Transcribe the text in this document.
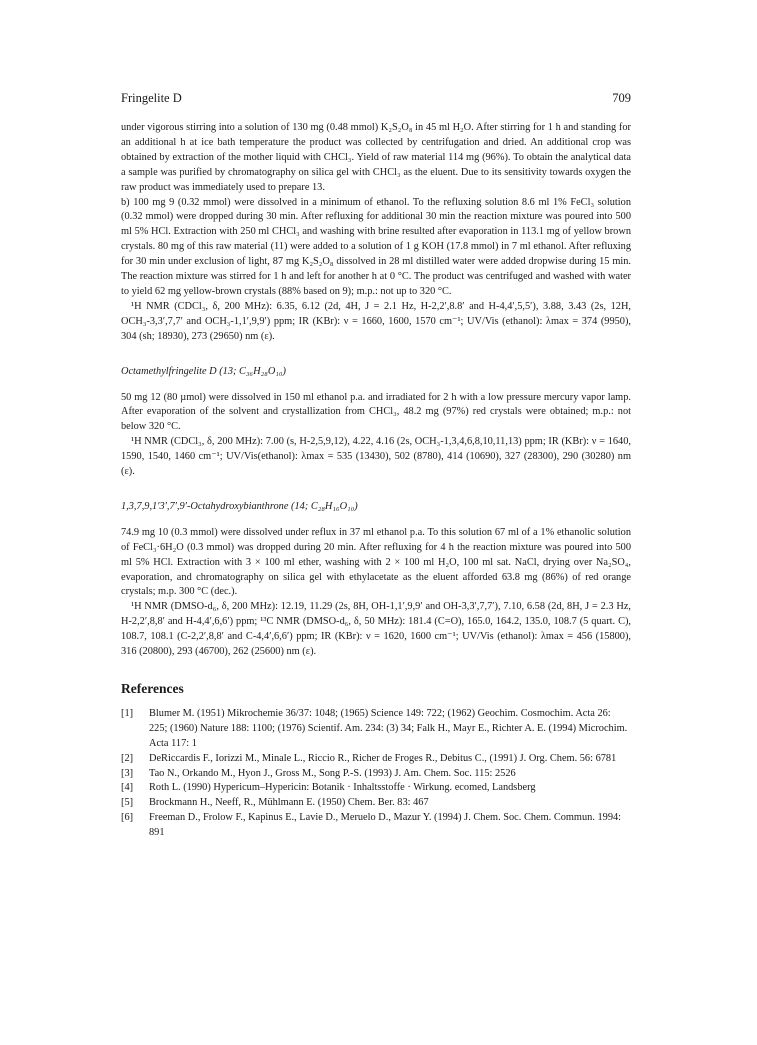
Fringelite D	709

under vigorous stirring into a solution of 130 mg (0.48 mmol) K₂S₂O₈ in 45 ml H₂O. After stirring for 1 h and standing for an additional h at ice bath temperature the product was collected by centrifugation and dried. An additional crop was obtained by extraction of the mother liquid with CHCl₃. Yield of raw material 114 mg (96%). To obtain the analytical data a sample was purified by chromatography on silica gel with CHCl₃ as the eluent. Due to its sensitivity towards oxygen the raw product was immediately used to prepare 13.

b) 100 mg 9 (0.32 mmol) were dissolved in a minimum of ethanol. To the refluxing solution 8.6 ml 1% FeCl₃ solution (0.32 mmol) were dropped during 30 min. After refluxing for additional 30 min the reaction mixture was poured into 500 ml 5% HCl. Extraction with 250 ml CHCl₃ and washing with brine resulted after evaporation in 113.1 mg of yellow brown crystals. 80 mg of this raw material (11) were added to a solution of 1 g KOH (17.8 mmol) in 7 ml ethanol. After refluxing for 30 min under exclusion of light, 87 mg K₂S₂O₈ dissolved in 28 ml distilled water were added dropwise during 15 min. The reaction mixture was stirred for 1 h and left for another h at 0 °C. The product was centrifuged and washed with water to yield 62 mg yellow-brown crystals (88% based on 9); m.p.: not up to 320 °C.

¹H NMR (CDCl₃, δ, 200 MHz): 6.35, 6.12 (2d, 4H, J = 2.1 Hz, H-2,2′,8.8′ and H-4,4′,5,5′), 3.88, 3.43 (2s, 12H, OCH₃-3,3′,7,7′ and OCH₃-1,1′,9,9′) ppm; IR (KBr): ν = 1660, 1600, 1570 cm⁻¹; UV/Vis (ethanol): λmax = 374 (9950), 304 (sh; 18930), 273 (29650) nm (ε).

Octamethylfringelite D (13; C₃₆H₂₈O₁₀)

50 mg 12 (80 µmol) were dissolved in 150 ml ethanol p.a. and irradiated for 2 h with a low pressure mercury vapor lamp. After evaporation of the solvent and crystallization from CHCl₃, 48.2 mg (97%) red crystals were obtained; m.p.: not below 320 °C.

¹H NMR (CDCl₃, δ, 200 MHz): 7.00 (s, H-2,5,9,12), 4.22, 4.16 (2s, OCH₃-1,3,4,6,8,10,11,13) ppm; IR (KBr): ν = 1640, 1590, 1540, 1460 cm⁻¹; UV/Vis(ethanol): λmax = 535 (13430), 502 (8780), 414 (10690), 327 (28300), 290 (30280) nm (ε).

1,3,7,9,1′3′,7′,9′-Octahydroxybianthrone (14; C₂₈H₁₆O₁₀)

74.9 mg 10 (0.3 mmol) were dissolved under reflux in 37 ml ethanol p.a. To this solution 67 ml of a 1% ethanolic solution of FeCl₃·6H₂O (0.3 mmol) was dropped during 20 min. After refluxing for 4 h the reaction mixture was poured into 500 ml 5% HCl. Extraction with 3 × 100 ml ether, washing with 2 × 100 ml H₂O, 100 ml sat. NaCl, drying over Na₂SO₄, evaporation, and chromatography on silica gel with ethylacetate as the eluent afforded 63.8 mg (86%) of red orange crystals; m.p. 300 °C (dec.).

¹H NMR (DMSO-d₆, δ, 200 MHz): 12.19, 11.29 (2s, 8H, OH-1,1′,9,9′ and OH-3,3′,7,7′), 7.10, 6.58 (2d, 8H, J = 2.3 Hz, H-2,2′,8,8′ and H-4,4′,6,6′) ppm; ¹³C NMR (DMSO-d₆, δ, 50 MHz): 181.4 (C=O), 165.0, 164.2, 135.0, 108.7 (5 quart. C), 108.7, 108.1 (C-2,2′,8,8′ and C-4,4′,6,6′) ppm; IR (KBr): ν = 1620, 1600 cm⁻¹; UV/Vis (ethanol): λmax = 456 (15800), 316 (20800), 293 (46700), 262 (25600) nm (ε).

References
[1]	Blumer M. (1951) Mikrochemie 36/37: 1048; (1965) Science 149: 722; (1962) Geochim. Cosmochim. Acta 26: 225; (1960) Nature 188: 1100; (1976) Scientif. Am. 234: (3) 34; Falk H., Mayr E., Richter A. E. (1994) Microchim. Acta 117: 1
[2]	DeRiccardis F., Iorizzi M., Minale L., Riccio R., Richer de Froges R., Debitus C., (1991) J. Org. Chem. 56: 6781
[3]	Tao N., Orkando M., Hyon J., Gross M., Song P.-S. (1993) J. Am. Chem. Soc. 115: 2526
[4]	Roth L. (1990) Hypericum–Hypericin: Botanik · Inhaltsstoffe · Wirkung. ecomed, Landsberg
[5]	Brockmann H., Neeff, R., Mühlmann E. (1950) Chem. Ber. 83: 467
[6]	Freeman D., Frolow F., Kapinus E., Lavie D., Meruelo D., Mazur Y. (1994) J. Chem. Soc. Chem. Commun. 1994: 891
